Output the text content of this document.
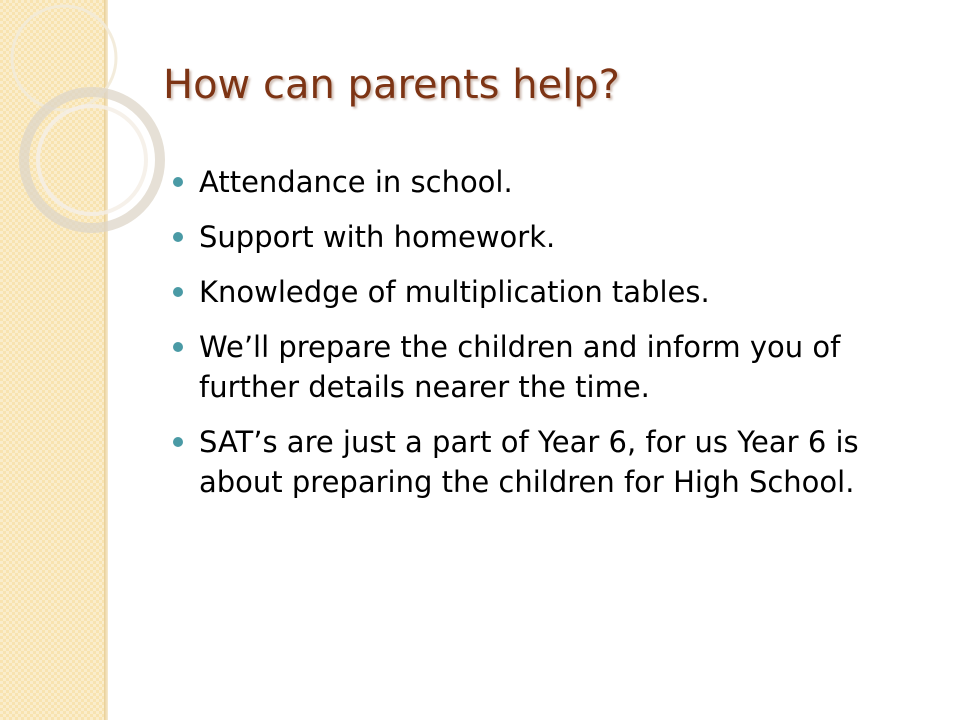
How can parents help?
Attendance in school.
Support with homework.
Knowledge of multiplication tables.
We’ll prepare the children and inform you of further details nearer the time.
SAT’s are just a part of Year 6, for us Year 6 is about preparing the children for High School.
